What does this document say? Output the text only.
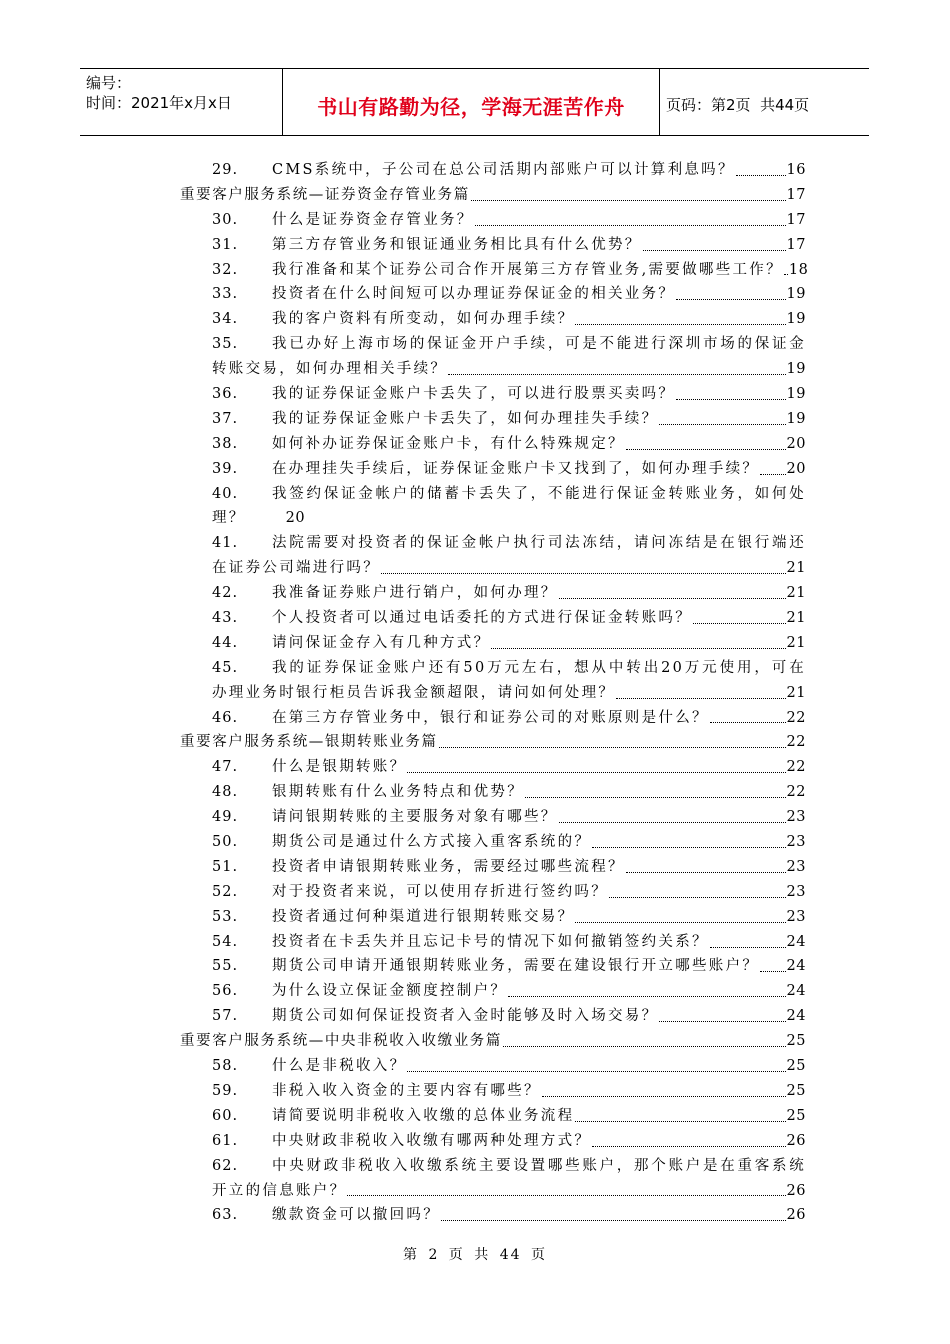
编号：
时间：2021年x月x日	书山有路勤为径，学海无涯苦作舟	页码：第2页  共44页
29.	CMS系统中，子公司在总公司活期内部账户可以计算利息吗？	16
重要客户服务系统—证券资金存管业务篇	17
30.	什么是证券资金存管业务？	17
31.	第三方存管业务和银证通业务相比具有什么优势？	17
32.	我行准备和某个证券公司合作开展第三方存管业务,需要做哪些工作？ 18
33.	投资者在什么时间短可以办理证券保证金的相关业务？	19
34.	我的客户资料有所变动，如何办理手续？	19
35.	我已办好上海市场的保证金开户手续，可是不能进行深圳市场的保证金
转账交易，如何办理相关手续？	19
36.	我的证券保证金账户卡丢失了，可以进行股票买卖吗？	19
37.	我的证券保证金账户卡丢失了，如何办理挂失手续？	19
38.	如何补办证券保证金账户卡，有什么特殊规定？	20
39.	在办理挂失手续后，证券保证金账户卡又找到了，如何办理手续？ 20
40.	我签约保证金帐户的储蓄卡丢失了，不能进行保证金转账业务，如何处
理？	20
41.	法院需要对投资者的保证金帐户执行司法冻结，请问冻结是在银行端还
在证券公司端进行吗？	21
42.	我准备证券账户进行销户，如何办理？	21
43.	个人投资者可以通过电话委托的方式进行保证金转账吗？	21
44.	请问保证金存入有几种方式？	21
45.	我的证券保证金账户还有50万元左右，想从中转出20万元使用，可在
办理业务时银行柜员告诉我金额超限，请问如何处理？	21
46.	在第三方存管业务中，银行和证券公司的对账原则是什么？	22
重要客户服务系统—银期转账业务篇	22
47.	什么是银期转账？	22
48.	银期转账有什么业务特点和优势？	22
49.	请问银期转账的主要服务对象有哪些？	23
50.	期货公司是通过什么方式接入重客系统的？	23
51.	投资者申请银期转账业务，需要经过哪些流程？	23
52.	对于投资者来说，可以使用存折进行签约吗？	23
53.	投资者通过何种渠道进行银期转账交易？	23
54.	投资者在卡丢失并且忘记卡号的情况下如何撤销签约关系？	24
55.	期货公司申请开通银期转账业务，需要在建设银行开立哪些账户？ 24
56.	为什么设立保证金额度控制户？	24
57.	期货公司如何保证投资者入金时能够及时入场交易？	24
重要客户服务系统—中央非税收入收缴业务篇	25
58.	什么是非税收入？	25
59.	非税入收入资金的主要内容有哪些？	25
60.	请简要说明非税收入收缴的总体业务流程	25
61.	中央财政非税收入收缴有哪两种处理方式？	26
62.	中央财政非税收入收缴系统主要设置哪些账户，那个账户是在重客系统
开立的信息账户？	26
63.	缴款资金可以撤回吗？	26
第 2 页 共 44 页
